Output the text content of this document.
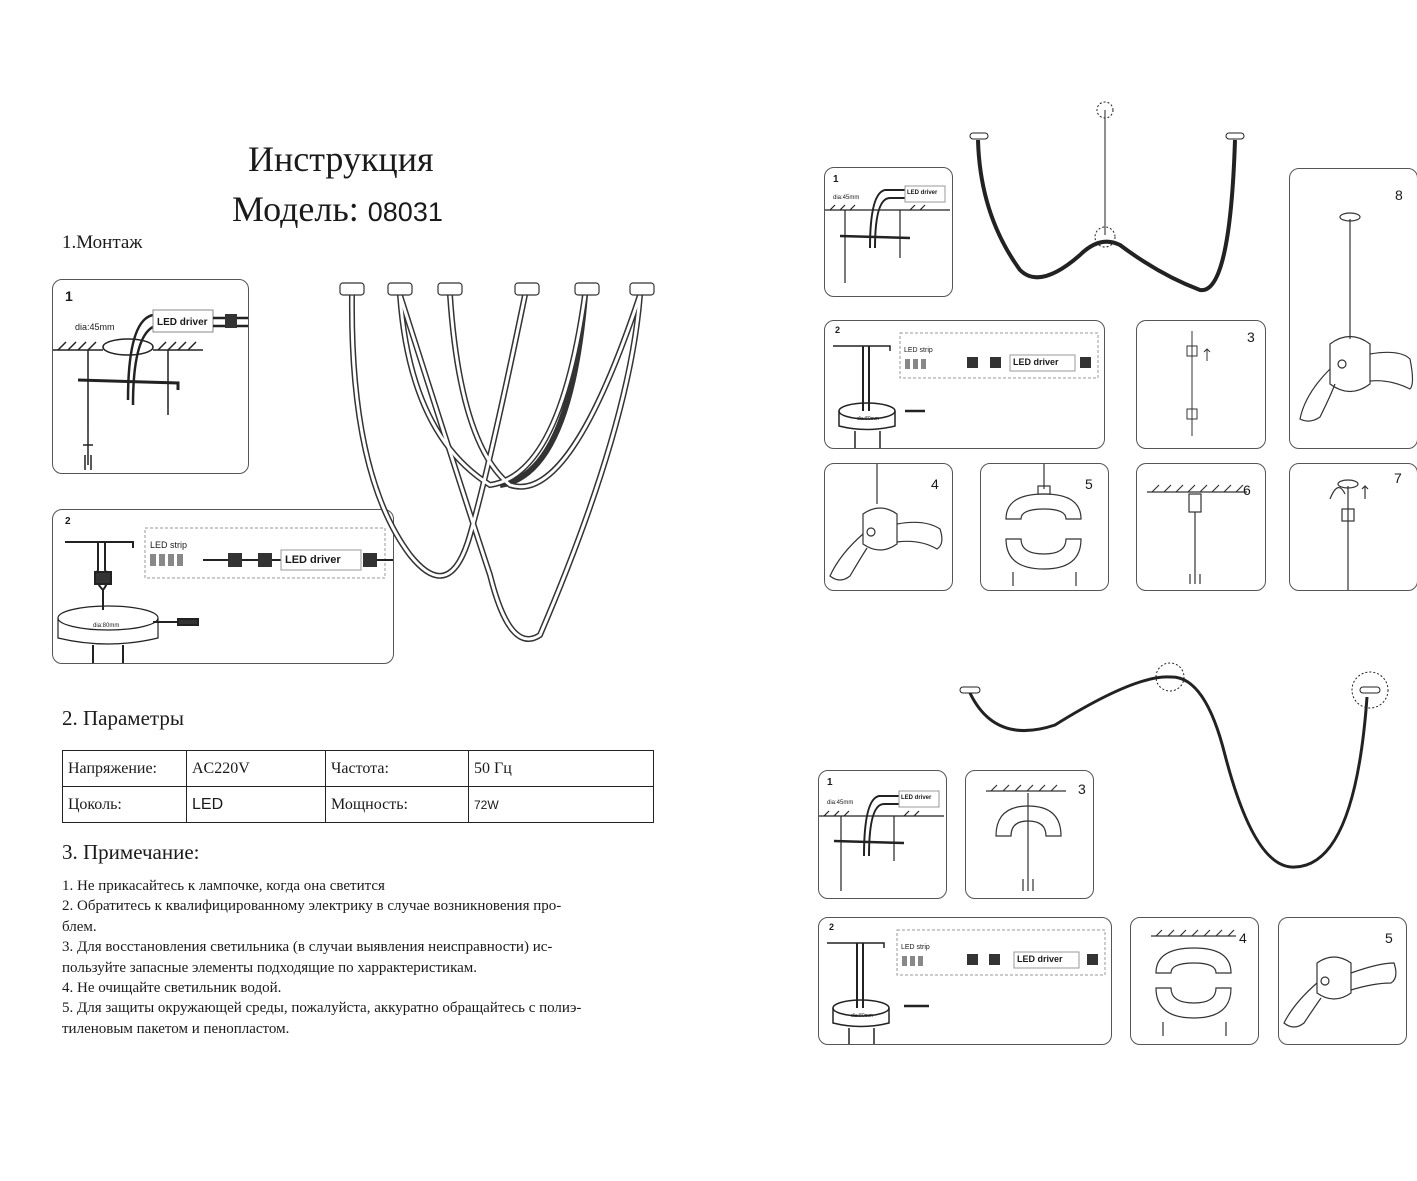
Инструкция
Модель: 08031
1.Монтаж
1
dia:45mm	LED driver
2
LED strip
LED driver
dia:80mm
2. Параметры
Напряжение:	AC220V	Частота:	50 Гц
Цоколь:	LED	Мощность:	72W
3. Примечание:
1. Не прикасайтесь к лампочке, когда она светится
2. Обратитесь к квалифицированному электрику в случае возникновения про-
блем.
3. Для восстановления светильника (в случаи выявления неисправности) ис-
пользуйте запасные элементы подходящие по харрактеристикам.
4. Не очищайте светильник водой.
5. Для защиты окружающей среды, пожалуйста, аккуратно обращайтесь с полиэ-
тиленовым пакетом и пенопластом.
1
dia:45mm
LED driver
2
LED strip
LED driver
dia:80mm
3
8
4	5	6
7
1
dia:45mm
LED driver
3
2
LED strip
LED driver
dia:80mm
4	5
